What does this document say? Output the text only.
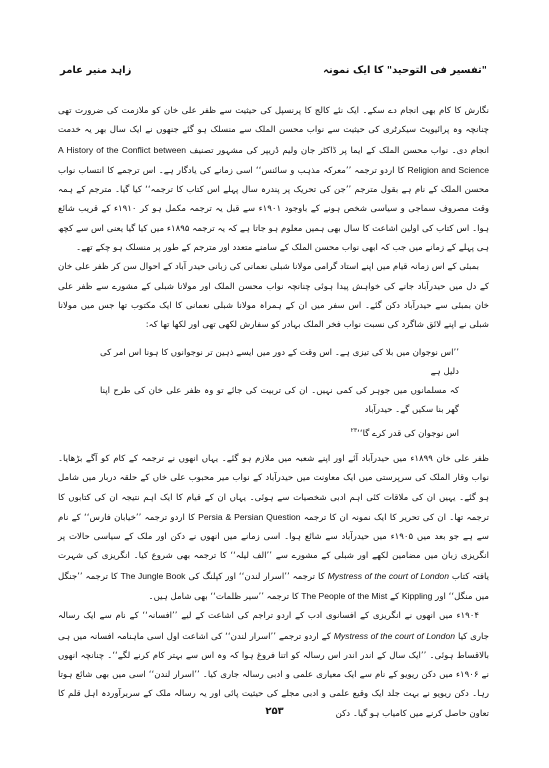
"تفسیر فی التوحید" کا ایک نمونہ
زاہد منیر عامر

نگارش کا کام بھی انجام دے سکے۔ ایک نئے کالج کا پرنسپل کی حیثیت سے ظفر علی خان کو ملازمت کی ضرورت تھی چنانچہ وہ پرائیویٹ سیکرٹری کی حیثیت سے نواب محسن الملک سے منسلک ہو گئے جنھوں نے ایک سال بھر یہ خدمت انجام دی۔ نواب محسن الملک کے ایما پر ڈاکٹر جان ولیم ڈریپر کی مشہور تصنیف A History of the Conflict between Religion and Science کا اردو ترجمہ ’’معرکہ مذہب و سائنس‘‘ اسی زمانے کی یادگار ہے۔ اس ترجمے کا انتساب نواب محسن الملک کے نام ہے بقول مترجم ’’جن کی تحریک پر پندرہ سال پہلے اس کتاب کا ترجمہ‘‘ کیا گیا۔ مترجم کے ہمہ وقت مصروف سماجی و سیاسی شخص ہونے کے باوجود ۱۹۰۱ء سے قبل یہ ترجمہ مکمل ہو کر ۱۹۱۰ء کے قریب شائع ہوا۔ اس کتاب کی اولین اشاعت کا سال بھی ہمیں معلوم ہو جاتا ہے کہ یہ ترجمہ ۱۸۹۵ء میں کیا گیا یعنی اس سے کچھ ہی پہلے کے زمانے میں جب کہ ابھی نواب محسن الملک کے سامنے متعدد اور مترجم کے طور پر منسلک ہو چکے تھے۔

بمبئی کے اس زمانہ قیام میں اپنے استاد گرامی مولانا شبلی نعمانی کی زبانی حیدر آباد کے احوال سن کر ظفر علی خان کے دل میں حیدرآباد جانے کی خواہش پیدا ہوئی چنانچہ نواب محسن الملک اور مولانا شبلی کے مشورے سے ظفر علی خان بمبئی سے حیدرآباد دکن گئے۔ اس سفر میں ان کے ہمراہ مولانا شبلی نعمانی کا ایک مکتوب تھا جس میں مولانا شبلی نے اپنے لائق شاگرد کی نسبت نواب فخر الملک بہادر کو سفارش لکھی تھی اور لکھا تھا کہ:

’’اس نوجوان میں بلا کی تیزی ہے۔ اس وقت کے دور میں ایسے ذہین تر نوجوانوں کا ہونا اس امر کی دلیل ہے
کہ مسلمانوں میں جوہر کی کمی نہیں۔ ان کی تربیت کی جائے تو وہ ظفر علی خان کی طرح اپنا گھر بنا سکیں گے۔ حیدرآباد
اس نوجوان کی قدر کرے گا‘‘$^{۲۳}$

ظفر علی خان ۱۸۹۹ء میں حیدرآباد آئے اور اپنے شعبہ میں ملازم ہو گئے۔ یہاں انھوں نے ترجمہ کے کام کو آگے بڑھایا۔ نواب وقار الملک کی سرپرستی میں ایک معاونت میں حیدرآباد کے نواب میر محبوب علی خاں کے حلقہ دربار میں شامل ہو گئے۔ یہیں ان کی ملاقات کئی اہم ادبی شخصیات سے ہوئی۔ یہاں ان کے قیام کا ایک اہم نتیجہ ان کی کتابوں کا ترجمہ تھا۔ ان کی تحریر کا ایک نمونہ ان کا ترجمہ Persia & Persian Question کا اردو ترجمہ ’’خیابان فارس‘‘ کے نام سے ہے جو بعد میں ۱۹۰۵ء میں حیدرآباد سے شائع ہوا۔ اسی زمانے میں انھوں نے دکن اور ملک کے سیاسی حالات پر انگریزی زبان میں مضامین لکھے اور شبلی کے مشورے سے ’’الف لیلہ‘‘ کا ترجمہ بھی شروع کیا۔ انگریزی کی شہرت یافتہ کتاب Mystress of the court of London کا ترجمہ ’’اسرار لندن‘‘ اور کپلنگ کی The Jungle Book کا ترجمہ ’’جنگل میں منگل‘‘ اور Kippling کے The People of the Mist کا ترجمہ ’’سیر ظلمات‘‘ بھی شامل ہیں۔

۱۹۰۴ء میں انھوں نے انگریزی کے افسانوی ادب کے اردو تراجم کی اشاعت کے لیے ’’افسانہ‘‘ کے نام سے ایک رسالہ جاری کیا Mystress of the court of London کے اردو ترجمے ’’اسرار لندن‘‘ کی اشاعت اول اسی ماہنامہ افسانہ میں ہی بالاقساط ہوئی۔ ’’ایک سال کے اندر اندر اس رسالہ کو اتنا فروغ ہوا کہ وہ اس سے بہتر کام کرنے لگے‘‘۔ چنانچہ انھوں نے ۱۹۰۶ء میں دکن ریویو کے نام سے ایک معیاری علمی و ادبی رسالہ جاری کیا۔ ’’اسرار لندن‘‘ اسی میں بھی شائع ہوتا رہا۔ دکن ریویو نے بہت جلد ایک وقیع علمی و ادبی مجلے کی حیثیت پائی اور یہ رسالہ ملک کے سربرآوردہ اہل قلم کا تعاون حاصل کرنے میں کامیاب ہو گیا۔ دکن

۲۵۳
